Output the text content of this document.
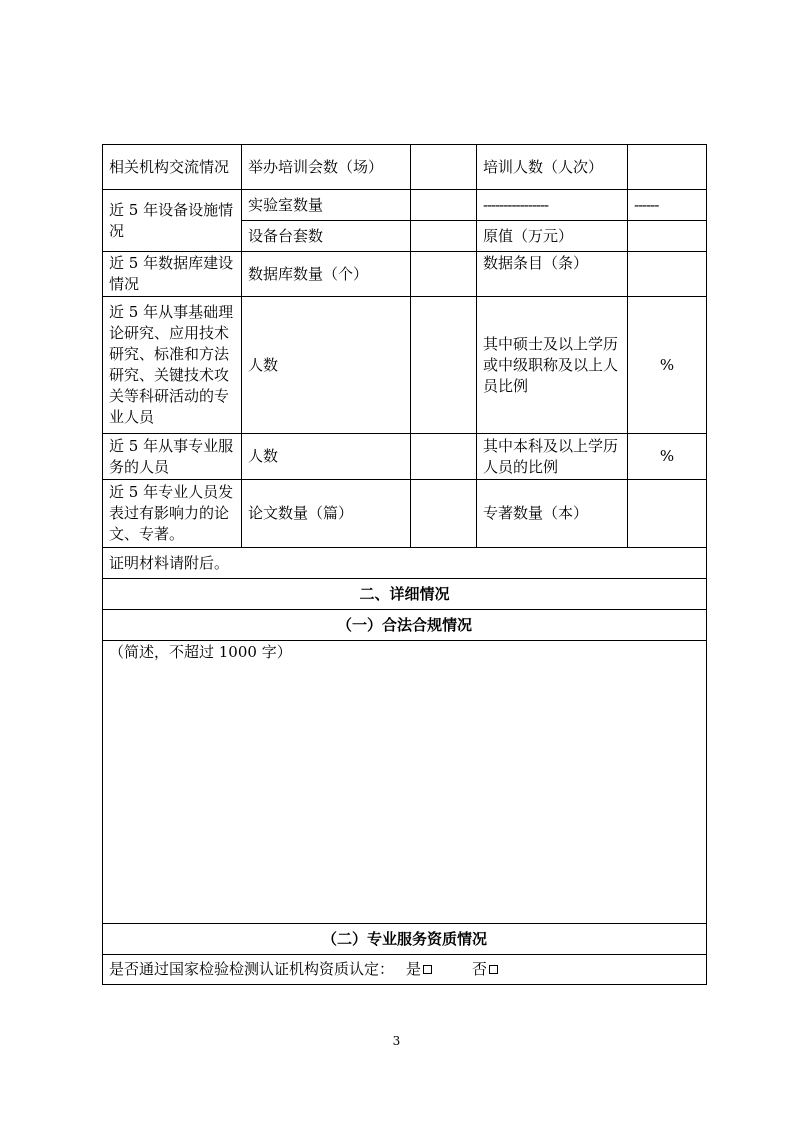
相关机构交流情况	举办培训会数（场）		培训人数（人次）	
近 5 年设备设施情况	实验室数量		----------------	------
	设备台套数		原值（万元）	
近 5 年数据库建设情况	数据库数量（个）		数据条目（条）	
近 5 年从事基础理论研究、应用技术研究、标准和方法研究、关键技术攻关等科研活动的专业人员	人数		其中硕士及以上学历或中级职称及以上人员比例	%
近 5 年从事专业服务的人员	人数		其中本科及以上学历人员的比例	%
近 5 年专业人员发表过有影响力的论文、专著。	论文数量（篇）		专著数量（本）	
证明材料请附后。				
二、详细情况				
（一）合法合规情况				
（简述，不超过 1000 字）				
（二）专业服务资质情况				
是否通过国家检验检测认证机构资质认定： 是 否				
3
